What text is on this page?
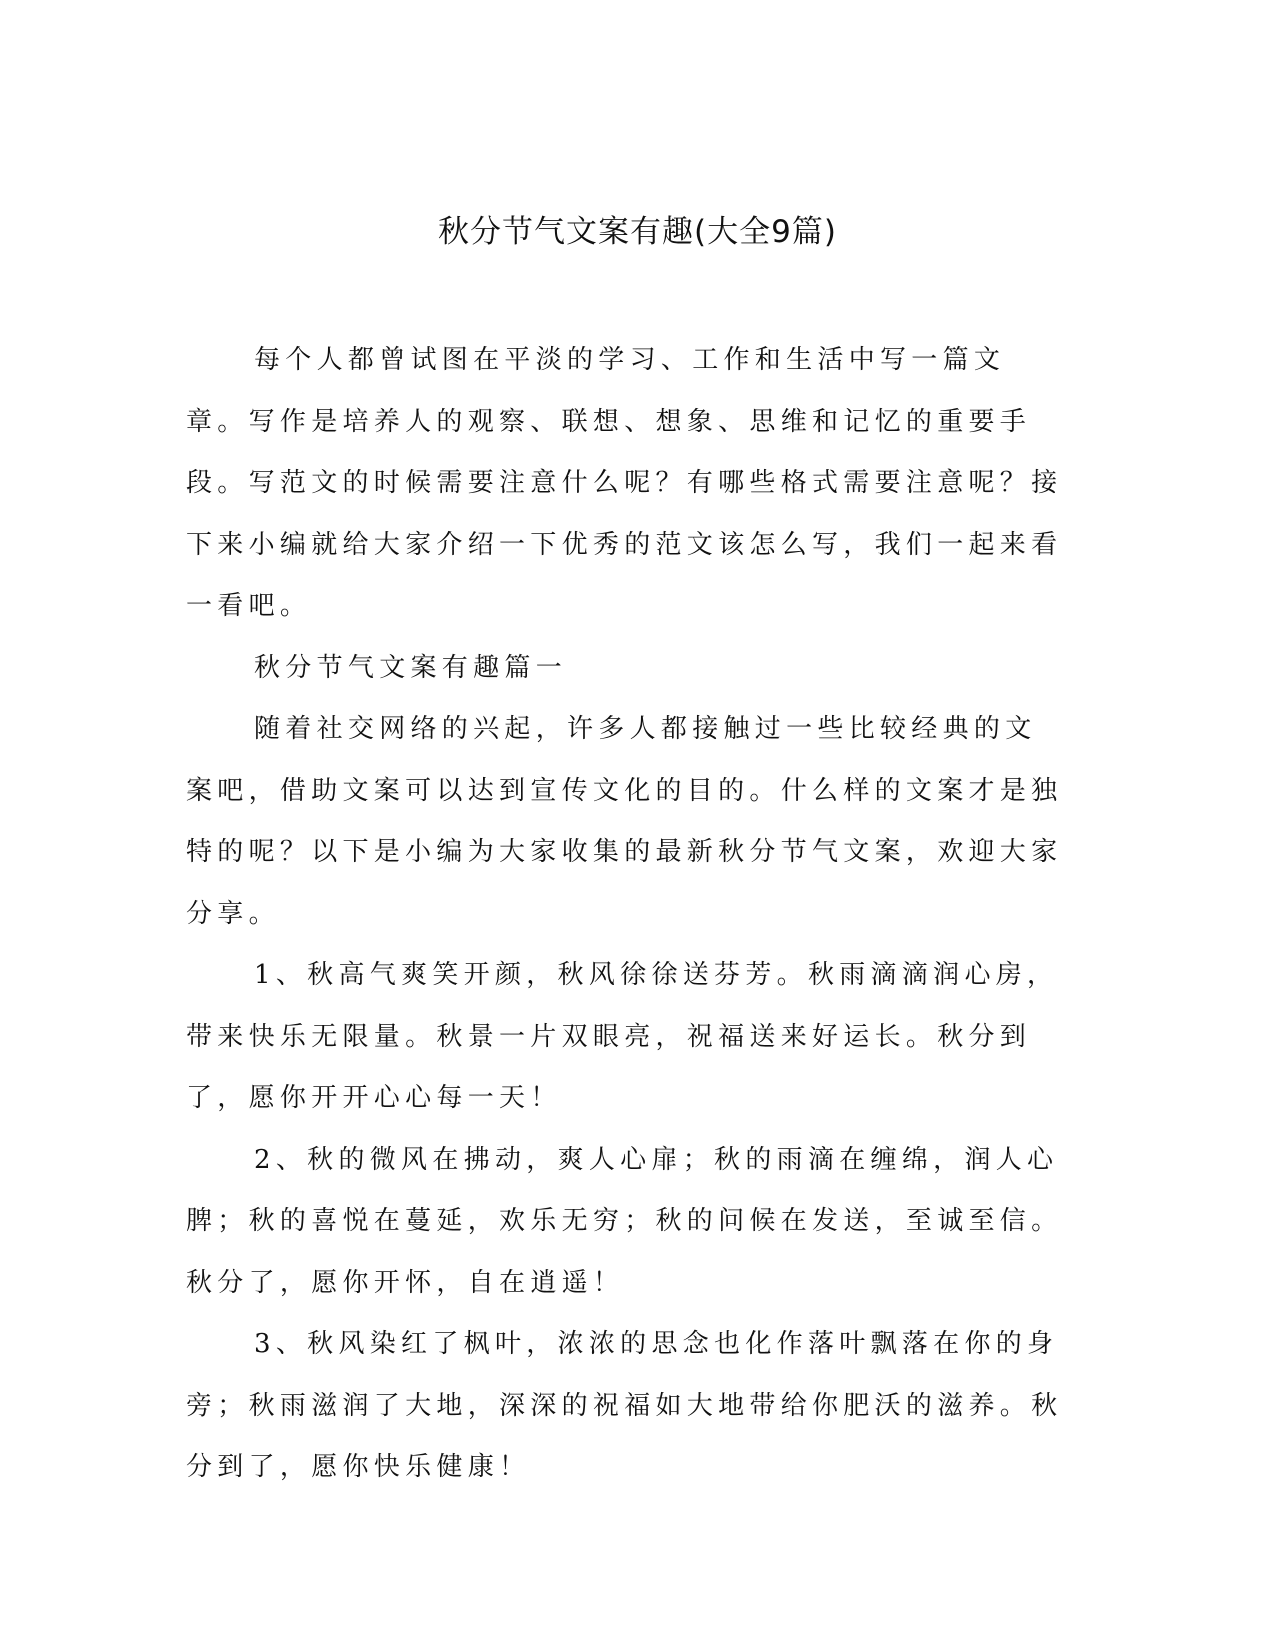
秋分节气文案有趣(大全9篇)

每个人都曾试图在平淡的学习、工作和生活中写一篇文章。写作是培养人的观察、联想、想象、思维和记忆的重要手段。写范文的时候需要注意什么呢？有哪些格式需要注意呢？接下来小编就给大家介绍一下优秀的范文该怎么写，我们一起来看一看吧。

秋分节气文案有趣篇一

随着社交网络的兴起，许多人都接触过一些比较经典的文案吧，借助文案可以达到宣传文化的目的。什么样的文案才是独特的呢？以下是小编为大家收集的最新秋分节气文案，欢迎大家分享。

1、秋高气爽笑开颜，秋风徐徐送芬芳。秋雨滴滴润心房，带来快乐无限量。秋景一片双眼亮，祝福送来好运长。秋分到了，愿你开开心心每一天！

2、秋的微风在拂动，爽人心扉；秋的雨滴在缠绵，润人心脾；秋的喜悦在蔓延，欢乐无穷；秋的问候在发送，至诚至信。秋分了，愿你开怀，自在逍遥！

3、秋风染红了枫叶，浓浓的思念也化作落叶飘落在你的身旁；秋雨滋润了大地，深深的祝福如大地带给你肥沃的滋养。秋分到了，愿你快乐健康！
